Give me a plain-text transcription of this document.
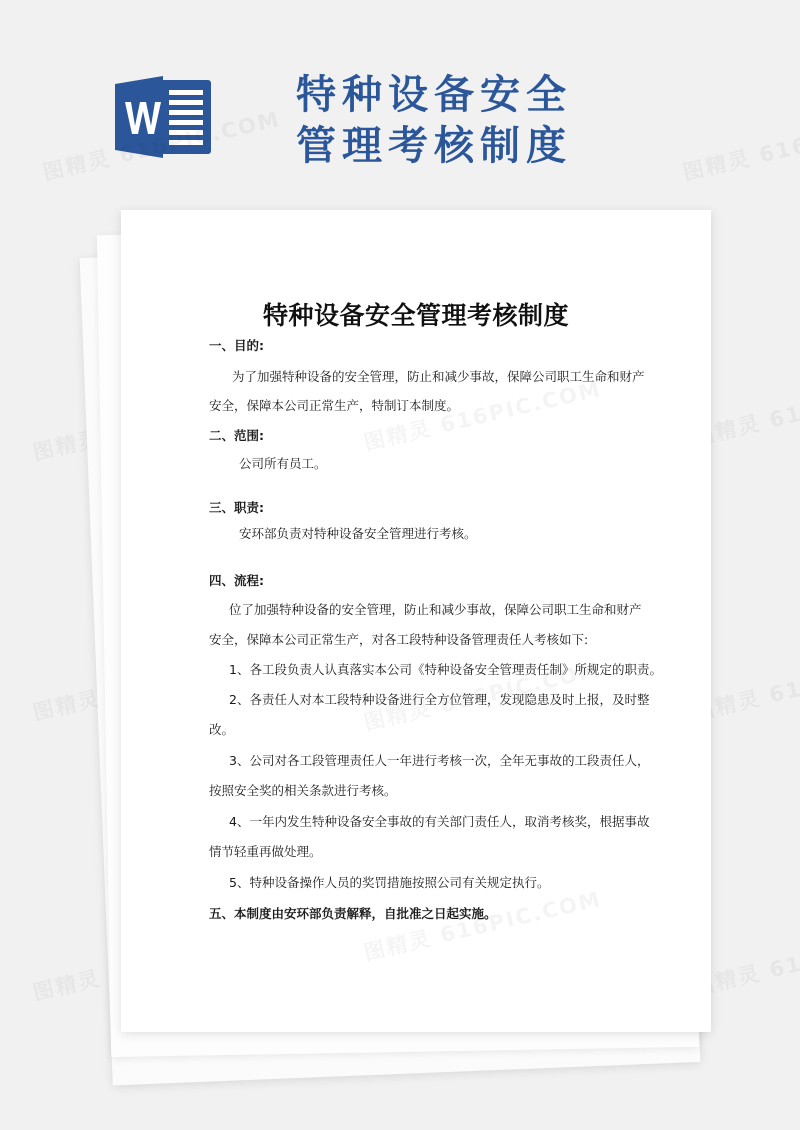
特种设备安全
管理考核制度
特种设备安全管理考核制度
一、目的:
为了加强特种设备的安全管理，防止和减少事故，保障公司职工生命和财产
安全，保障本公司正常生产，特制订本制度。
二、范围:
公司所有员工。
三、职责:
安环部负责对特种设备安全管理进行考核。
四、流程:
位了加强特种设备的安全管理，防止和减少事故，保障公司职工生命和财产
安全，保障本公司正常生产，对各工段特种设备管理责任人考核如下:
1、各工段负责人认真落实本公司《特种设备安全管理责任制》所规定的职责。
2、各责任人对本工段特种设备进行全方位管理，发现隐患及时上报，及时整
改。
3、公司对各工段管理责任人一年进行考核一次，全年无事故的工段责任人，
按照安全奖的相关条款进行考核。
4、一年内发生特种设备安全事故的有关部门责任人，取消考核奖，根据事故
情节轻重再做处理。
5、特种设备操作人员的奖罚措施按照公司有关规定执行。
五、本制度由安环部负责解释，自批准之日起实施。
